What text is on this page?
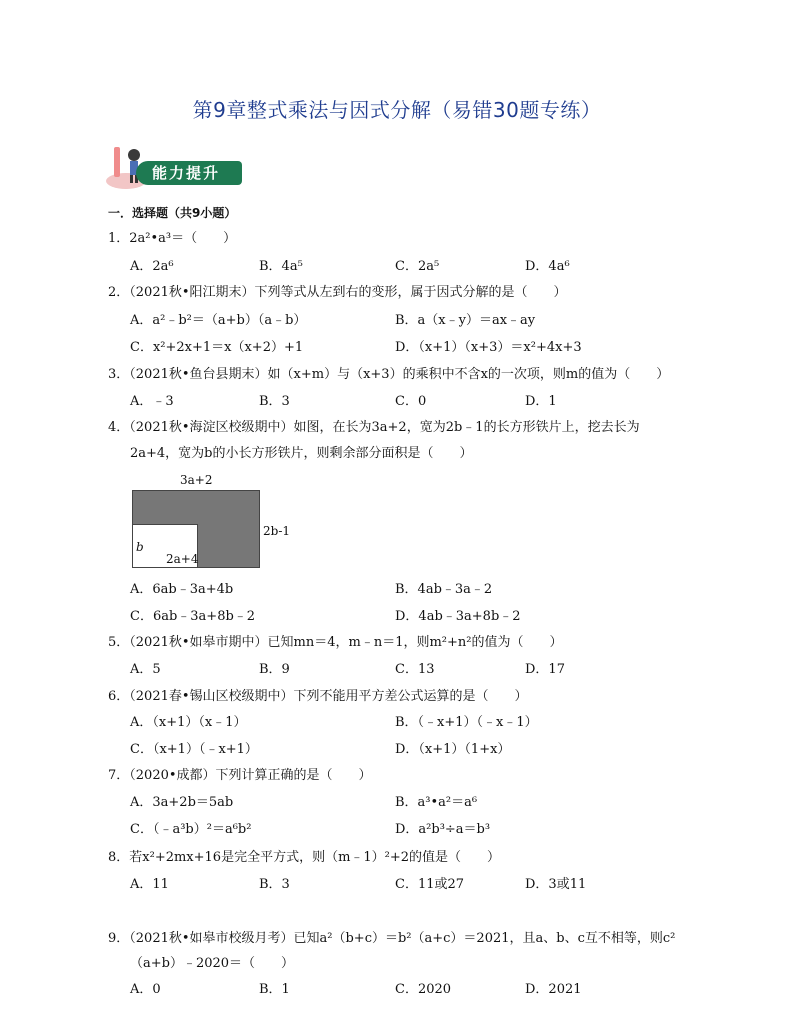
第9章整式乘法与因式分解（易错30题专练）
能力提升
一．选择题（共9小题）
1．2a²•a³＝（　　）
A．2a⁶	B．4a⁵	C．2a⁵	D．4a⁶
2．（2021秋•阳江期末）下列等式从左到右的变形，属于因式分解的是（　　）
A．a²﹣b²＝（a+b）（a﹣b）	B．a（x﹣y）＝ax﹣ay
C．x²+2x+1＝x（x+2）+1	D．（x+1）（x+3）＝x²+4x+3
3．（2021秋•鱼台县期末）如（x+m）与（x+3）的乘积中不含x的一次项，则m的值为（　　）
A．﹣3	B．3	C．0	D．1
4．（2021秋•海淀区校级期中）如图，在长为3a+2，宽为2b﹣1的长方形铁片上，挖去长为
2a+4，宽为b的小长方形铁片，则剩余部分面积是（　　）
3a+2
2b-1
b
2a+4
A．6ab﹣3a+4b	B．4ab﹣3a﹣2
C．6ab﹣3a+8b﹣2	D．4ab﹣3a+8b﹣2
5．（2021秋•如皋市期中）已知mn＝4，m﹣n＝1，则m²+n²的值为（　　）
A．5	B．9	C．13	D．17
6．（2021春•锡山区校级期中）下列不能用平方差公式运算的是（　　）
A．（x+1）（x﹣1）	B．（﹣x+1）（﹣x﹣1）
C．（x+1）（﹣x+1）	D．（x+1）（1+x）
7．（2020•成都）下列计算正确的是（　　）
A．3a+2b＝5ab	B．a³•a²＝a⁶
C．（﹣a³b）²＝a⁶b²	D．a²b³÷a＝b³
8．若x²+2mx+16是完全平方式，则（m﹣1）²+2的值是（　　）
A．11	B．3	C．11或27	D．3或11
9．（2021秋•如皋市校级月考）已知a²（b+c）＝b²（a+c）＝2021，且a、b、c互不相等，则c²
（a+b）﹣2020＝（　　）
A．0	B．1	C．2020	D．2021
